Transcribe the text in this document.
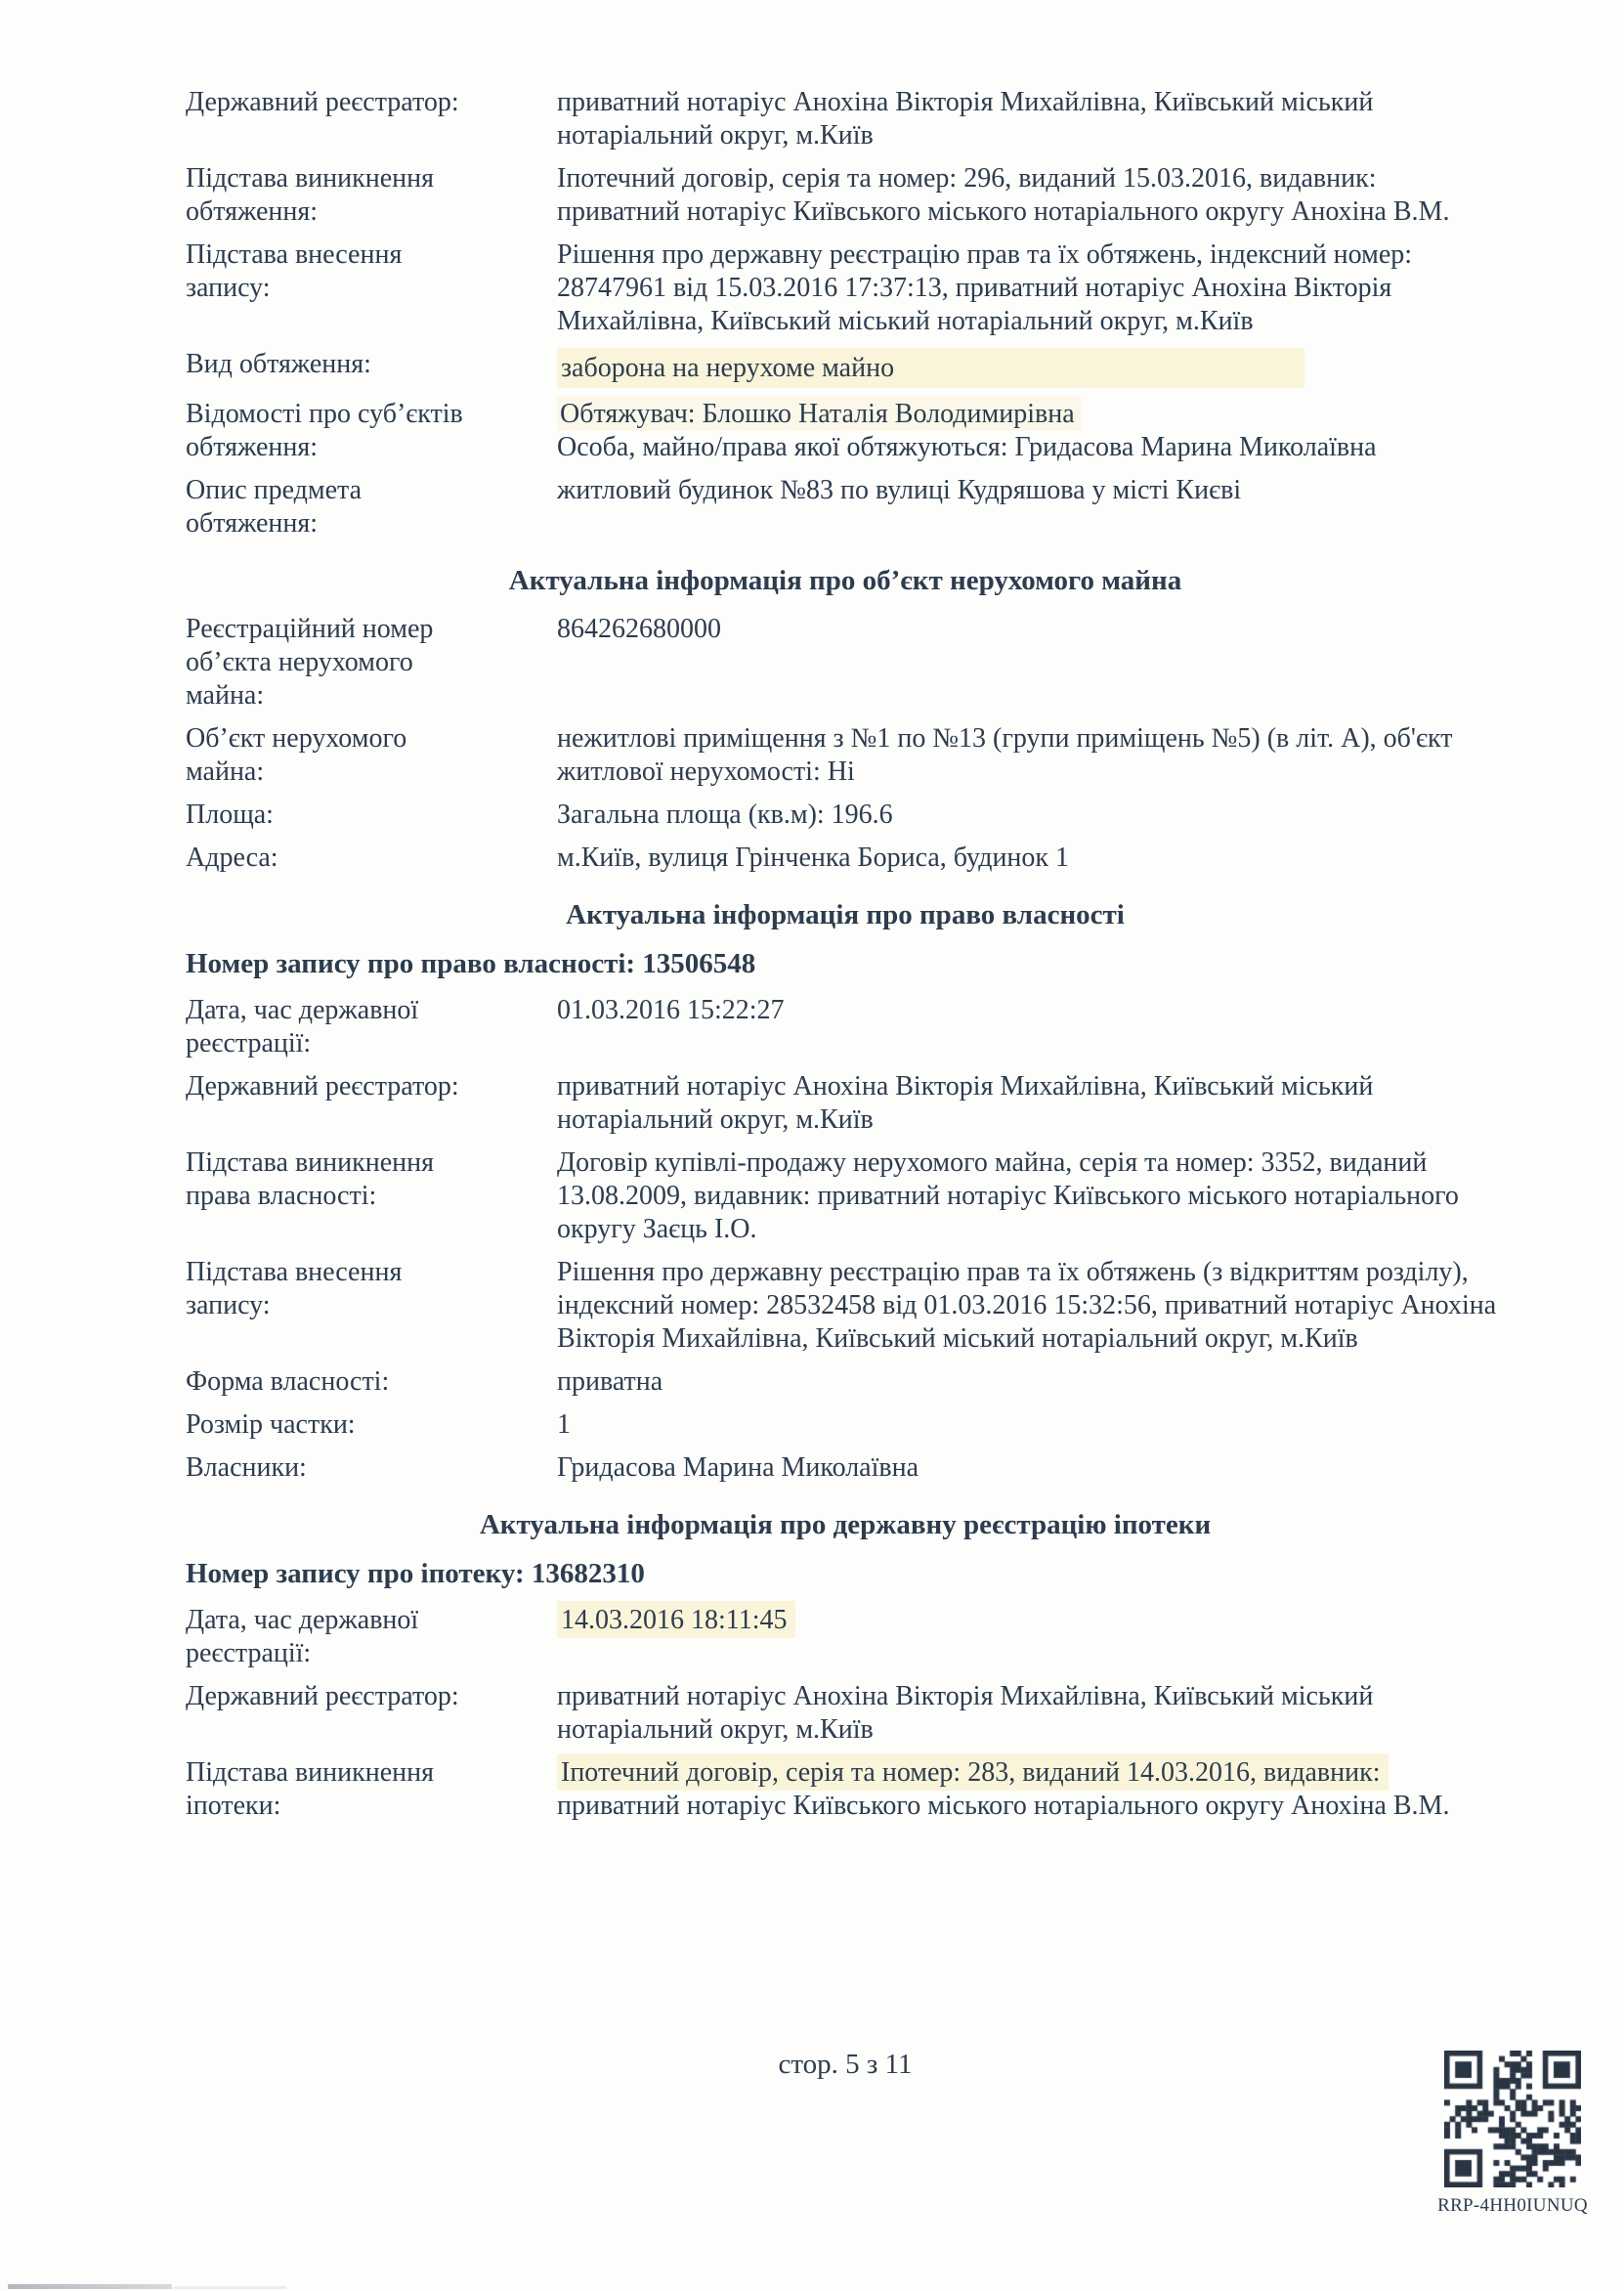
Державний реєстратор:	приватний нотаріус Анохіна Вікторія Михайлівна, Київський міський нотаріальний округ, м.Київ
Підстава виникнення обтяження:
Іпотечний договір, серія та номер: 296, виданий 15.03.2016, видавник: приватний нотаріус Київського міського нотаріального округу Анохіна В.М.
Підстава внесення запису:
Рішення про державну реєстрацію прав та їх обтяжень, індексний номер: 28747961 від 15.03.2016 17:37:13, приватний нотаріус Анохіна Вікторія Михайлівна, Київський міський нотаріальний округ, м.Київ
Вид обтяження:	заборона на нерухоме майно
Відомості про суб’єктів обтяження:
Обтяжувач: Блошко Наталія Володимирівна
Особа, майно/права якої обтяжуються: Гридасова Марина Миколаївна
Опис предмета обтяження:
житловий будинок №83 по вулиці Кудряшова у місті Києві
Актуальна інформація про об’єкт нерухомого майна
Реєстраційний номер об’єкта нерухомого майна:
864262680000
Об’єкт нерухомого майна:
нежитлові приміщення з №1 по №13 (групи приміщень №5) (в літ. А), об'єкт житлової нерухомості: Ні
Площа:	Загальна площа (кв.м): 196.6
Адреса:	м.Київ, вулиця Грінченка Бориса, будинок 1
Актуальна інформація про право власності
Номер запису про право власності: 13506548
Дата, час державної реєстрації:
01.03.2016 15:22:27
Державний реєстратор:	приватний нотаріус Анохіна Вікторія Михайлівна, Київський міський нотаріальний округ, м.Київ
Підстава виникнення права власності:
Договір купівлі-продажу нерухомого майна, серія та номер: 3352, виданий 13.08.2009, видавник: приватний нотаріус Київського міського нотаріального округу Заєць І.О.
Підстава внесення запису:
Рішення про державну реєстрацію прав та їх обтяжень (з відкриттям розділу), індексний номер: 28532458 від 01.03.2016 15:32:56, приватний нотаріус Анохіна Вікторія Михайлівна, Київський міський нотаріальний округ, м.Київ
Форма власності:	приватна
Розмір частки:	1
Власники:	Гридасова Марина Миколаївна
Актуальна інформація про державну реєстрацію іпотеки
Номер запису про іпотеку: 13682310
Дата, час державної реєстрації:
14.03.2016 18:11:45
Державний реєстратор:	приватний нотаріус Анохіна Вікторія Михайлівна, Київський міський нотаріальний округ, м.Київ
Підстава виникнення іпотеки:
Іпотечний договір, серія та номер: 283, виданий 14.03.2016, видавник: приватний нотаріус Київського міського нотаріального округу Анохіна В.М.
стор. 5 з 11
RRP-4HH0IUNUQ
